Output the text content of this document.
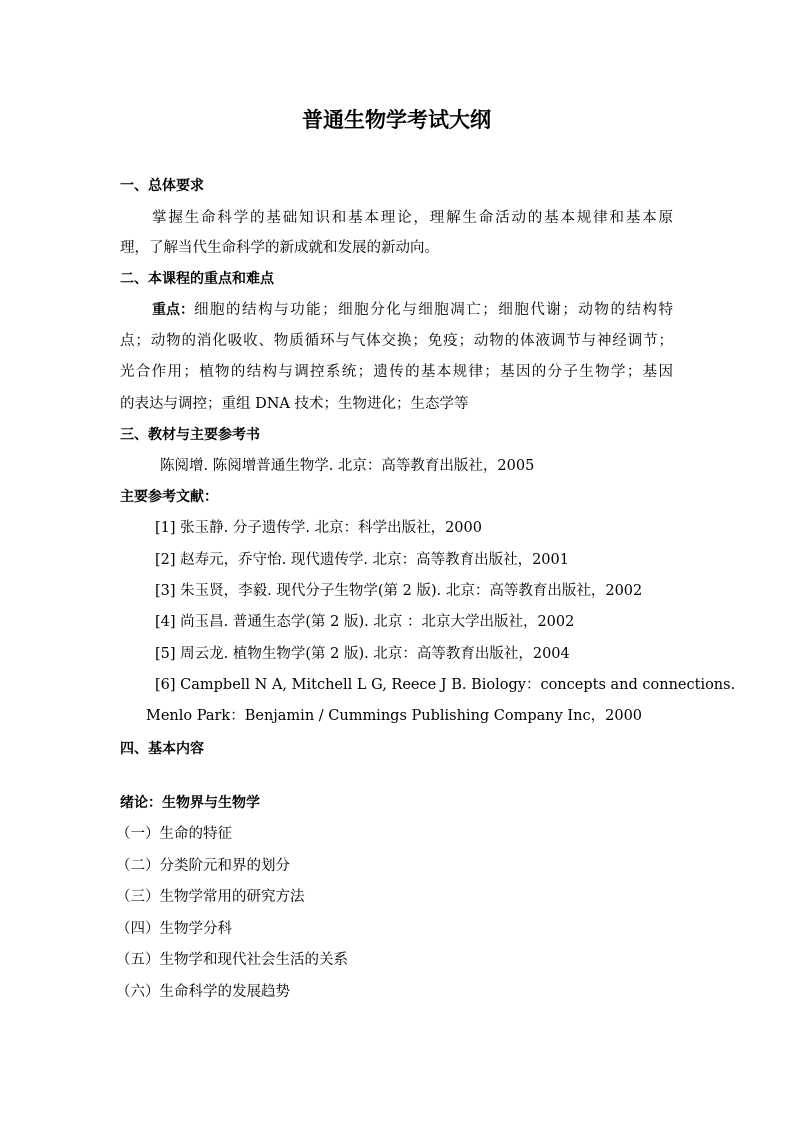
普通生物学考试大纲
一、总体要求
掌握生命科学的基础知识和基本理论，理解生命活动的基本规律和基本原
理，了解当代生命科学的新成就和发展的新动向。
二、本课程的重点和难点
重点： 细胞的结构与功能；细胞分化与细胞凋亡；细胞代谢；动物的结构特
点；动物的消化吸收、物质循环与气体交换；免疫；动物的体液调节与神经调节；
光合作用；植物的结构与调控系统；遗传的基本规律；基因的分子生物学；基因
的表达与调控；重组 DNA 技术；生物进化；生态学等
三、教材与主要参考书
陈阅增. 陈阅增普通生物学. 北京：高等教育出版社，2005
主要参考文献：
[1] 张玉静. 分子遗传学. 北京：科学出版社，2000
[2] 赵寿元，乔守怡. 现代遗传学. 北京：高等教育出版社，2001
[3] 朱玉贤，李毅. 现代分子生物学(第 2 版). 北京：高等教育出版社，2002
[4] 尚玉昌. 普通生态学(第 2 版). 北京 ：北京大学出版社，2002
[5] 周云龙. 植物生物学(第 2 版). 北京：高等教育出版社，2004
[6] Campbell N A, Mitchell L G, Reece J B. Biology：concepts and connections.
Menlo Park：Benjamin / Cummings Publishing Company Inc，2000
四、基本内容
绪论：生物界与生物学
（一）生命的特征
（二）分类阶元和界的划分
（三）生物学常用的研究方法
（四）生物学分科
（五）生物学和现代社会生活的关系
（六）生命科学的发展趋势
